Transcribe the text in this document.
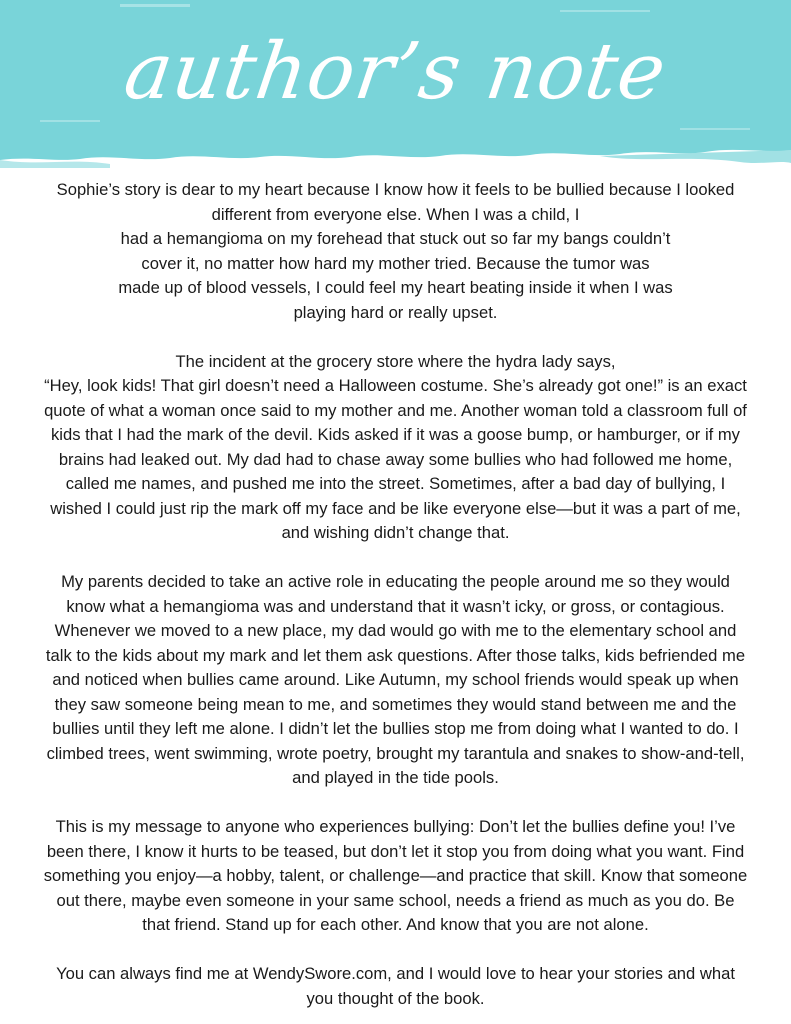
author’s note

Sophie’s story is dear to my heart because I know how it feels to be bullied because I looked
different from everyone else. When I was a child, I
had a hemangioma on my forehead that stuck out so far my bangs couldn’t
cover it, no matter how hard my mother tried. Because the tumor was
made up of blood vessels, I could feel my heart beating inside it when I was
playing hard or really upset.

The incident at the grocery store where the hydra lady says,
“Hey, look kids! That girl doesn’t need a Halloween costume. She’s already got one!” is an exact
quote of what a woman once said to my mother and me. Another woman told a classroom full of
kids that I had the mark of the devil. Kids asked if it was a goose bump, or hamburger, or if my
brains had leaked out. My dad had to chase away some bullies who had followed me home,
called me names, and pushed me into the street. Sometimes, after a bad day of bullying, I
wished I could just rip the mark off my face and be like everyone else—but it was a part of me,
and wishing didn’t change that.

My parents decided to take an active role in educating the people around me so they would
know what a hemangioma was and understand that it wasn’t icky, or gross, or contagious.
Whenever we moved to a new place, my dad would go with me to the elementary school and
talk to the kids about my mark and let them ask questions. After those talks, kids befriended me
and noticed when bullies came around. Like Autumn, my school friends would speak up when
they saw someone being mean to me, and sometimes they would stand between me and the
bullies until they left me alone. I didn’t let the bullies stop me from doing what I wanted to do. I
climbed trees, went swimming, wrote poetry, brought my tarantula and snakes to show-and-tell,
and played in the tide pools.

This is my message to anyone who experiences bullying: Don’t let the bullies define you! I’ve
been there, I know it hurts to be teased, but don’t let it stop you from doing what you want. Find
something you enjoy—a hobby, talent, or challenge—and practice that skill. Know that someone
out there, maybe even someone in your same school, needs a friend as much as you do. Be
that friend. Stand up for each other. And know that you are not alone.

You can always find me at WendySwore.com, and I would love to hear your stories and what
you thought of the book.
